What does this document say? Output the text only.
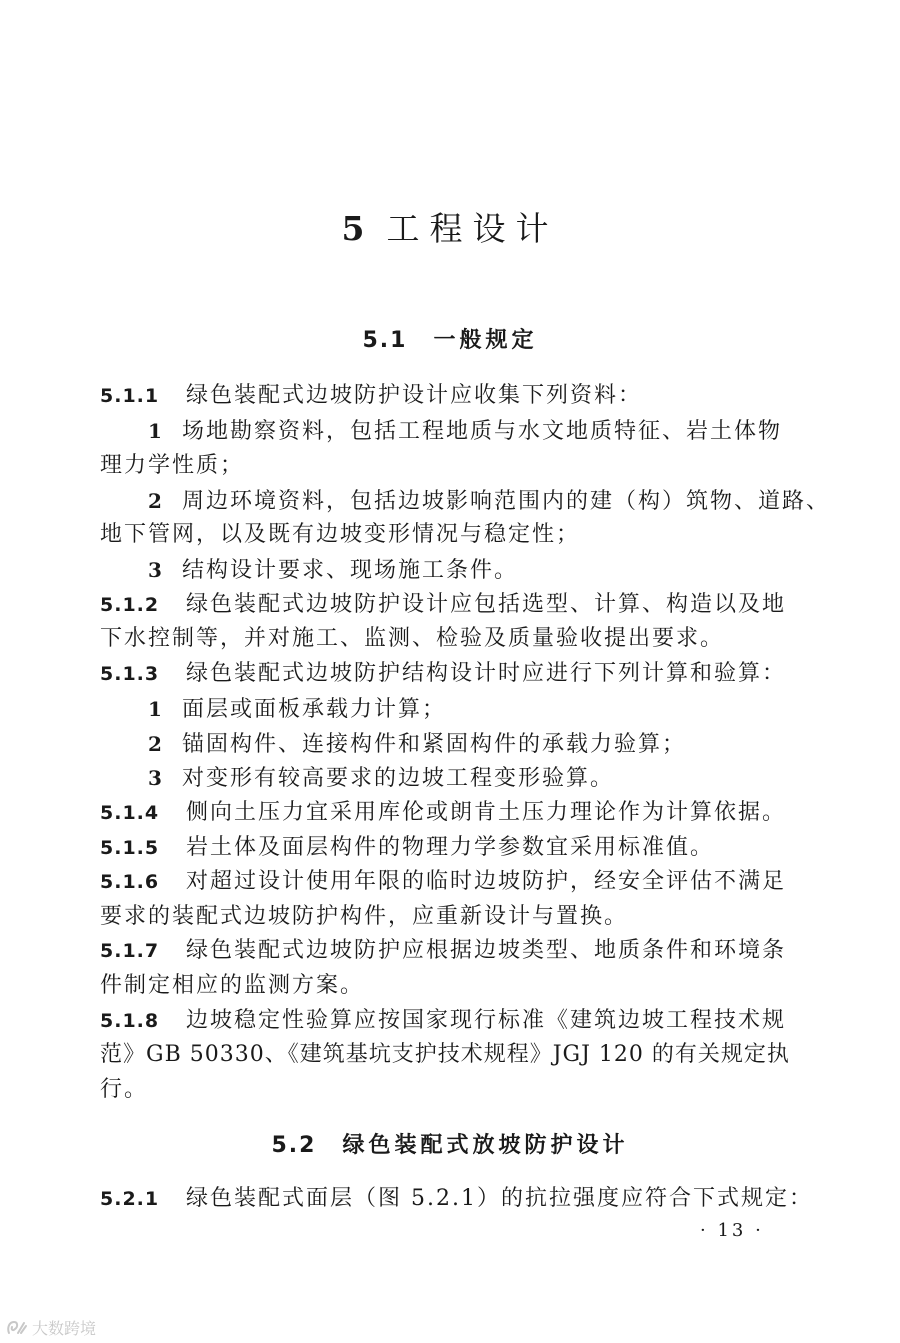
5 工程设计
5.1 一般规定
5.1.1 绿色装配式边坡防护设计应收集下列资料：
1 场地勘察资料，包括工程地质与水文地质特征、岩土体物
理力学性质；
2 周边环境资料，包括边坡影响范围内的建（构）筑物、道路、
地下管网，以及既有边坡变形情况与稳定性；
3 结构设计要求、现场施工条件。
5.1.2 绿色装配式边坡防护设计应包括选型、计算、构造以及地
下水控制等，并对施工、监测、检验及质量验收提出要求。
5.1.3 绿色装配式边坡防护结构设计时应进行下列计算和验算：
1 面层或面板承载力计算；
2 锚固构件、连接构件和紧固构件的承载力验算；
3 对变形有较高要求的边坡工程变形验算。
5.1.4 侧向土压力宜采用库伦或朗肯土压力理论作为计算依据。
5.1.5 岩土体及面层构件的物理力学参数宜采用标准值。
5.1.6 对超过设计使用年限的临时边坡防护，经安全评估不满足
要求的装配式边坡防护构件，应重新设计与置换。
5.1.7 绿色装配式边坡防护应根据边坡类型、地质条件和环境条
件制定相应的监测方案。
5.1.8 边坡稳定性验算应按国家现行标准《建筑边坡工程技术规
范》GB 50330、《建筑基坑支护技术规程》JGJ 120 的有关规定执
行。
5.2 绿色装配式放坡防护设计
5.2.1 绿色装配式面层（图 5.2.1）的抗拉强度应符合下式规定：
· 13 ·
大数跨境
